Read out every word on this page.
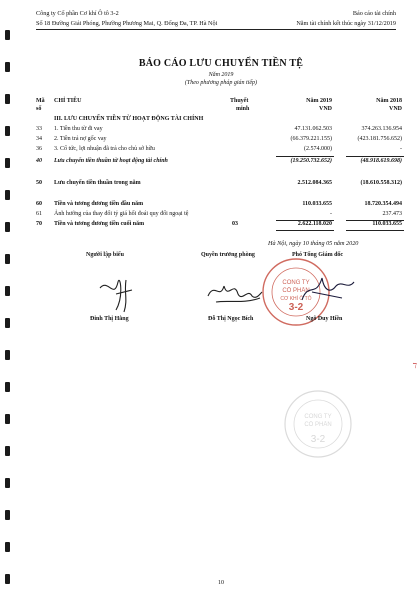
ℸ
Công ty Cổ phần Cơ khí Ô tô 3-2	Báo cáo tài chính
Số 18 Đường Giải Phóng, Phường Phương Mai, Q. Đống Đa, TP. Hà Nội	Năm tài chính kết thúc ngày 31/12/2019
BÁO CÁO LƯU CHUYỂN TIỀN TỆ
Năm 2019
(Theo phương pháp gián tiếp)
Mã
số
CHỈ TIÊU	Thuyết
minh
Năm 2019
VND
Năm 2018
VND
III. LƯU CHUYỂN TIỀN TỪ HOẠT ĐỘNG TÀI CHÍNH
33	1. Tiền thu từ đi vay	47.131.062.503	374.263.136.954
34	2. Tiền trả nợ gốc vay	(66.379.221.155)	(423.181.756.652)
36	3. Cổ tức, lợi nhuận đã trả cho chủ sở hữu	(2.574.000)	-
40	Lưu chuyển tiền thuần từ hoạt động tài chính	(19.250.732.652)	(48.918.619.698)
50	Lưu chuyển tiền thuần trong năm	2.512.084.365	(18.610.558.312)
60	Tiền và tương đương tiền đầu năm	110.033.655	18.720.354.494
61	Ảnh hưởng của thay đổi tỷ giá hối đoái quy đổi ngoại tệ	-	237.473
70	Tiền và tương đương tiền cuối năm	03	2.622.118.020	110.033.655
Hà Nội, ngày 10 tháng 05 năm 2020
Người lập biểu	Quyền trưởng phòng	Phó Tổng Giám đốc
CÔNG TY
CỔ PHẦN
CƠ KHÍ Ô TÔ
3-2
Đinh Thị Hằng	Đỗ Thị Ngọc Bích	Ngô Duy Hiền
CÔNG TY
CỔ PHẦN
3-2
10
